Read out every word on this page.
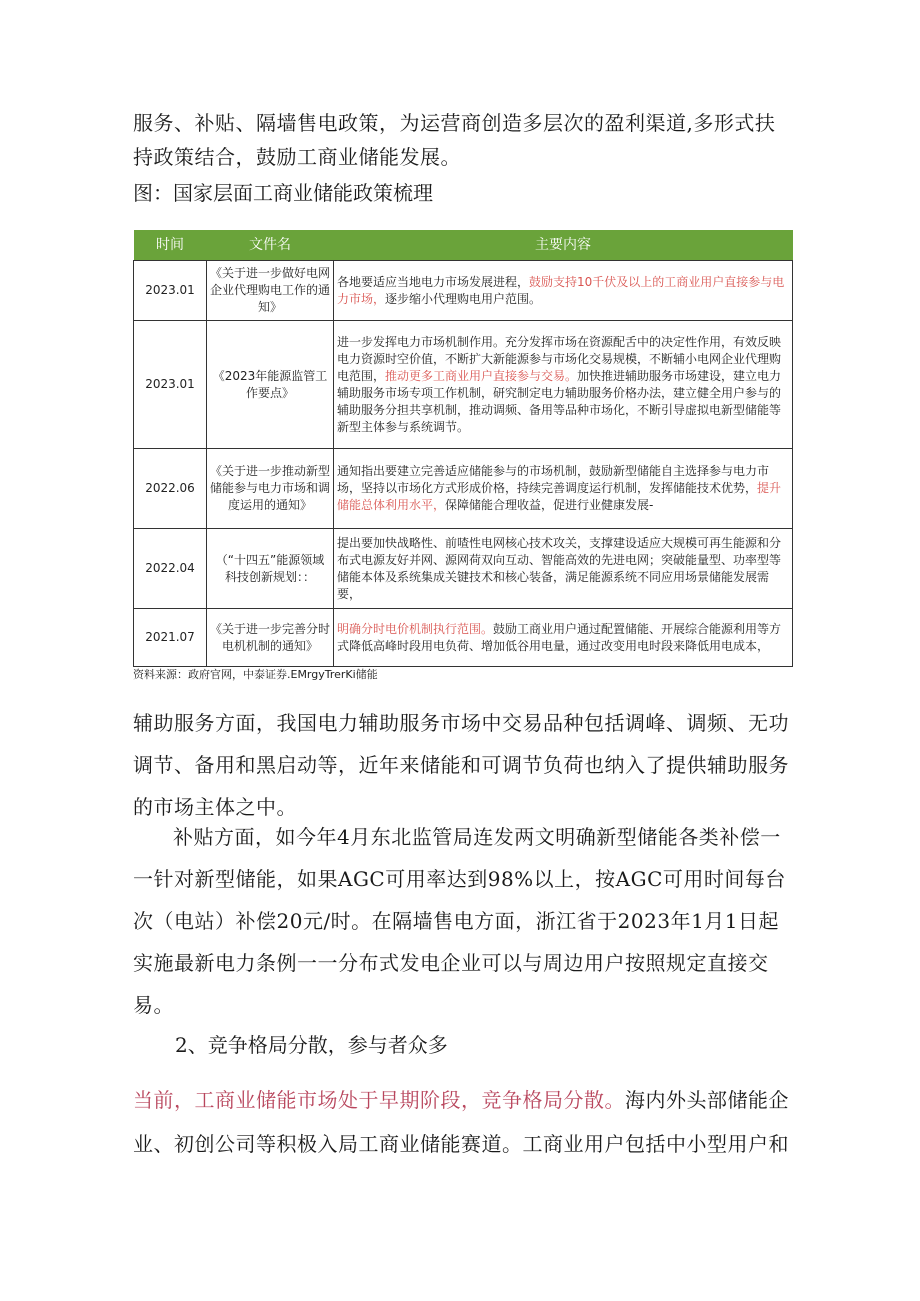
服务、补贴、隔墙售电政策，为运营商创造多层次的盈利渠道,多形式扶持政策结合，鼓励工商业储能发展。
图：国家层面工商业储能政策梳理
时间	文件名	主要内容
2023.01	《关于进一步做好电网企业代理购电工作的通知》	各地要适应当地电力市场发展进程，鼓励支持10千伏及以上的工商业用户直接参与电力市场，逐步缩小代理购电用户范围。
2023.01	《2023年能源监管工作要点》	进一步发挥电力市场机制作用。充分发挥市场在资源配舌中的决定性作用，有效反映电力资源时空价值，不断扩大新能源参与市场化交易规模，不断辅小电网企业代理购电范围，推动更多工商业用户直接参与交易。加快推进辅助服务市场建设，建立电力辅助服务市场专项工作机制，研究制定电力辅助服务价格办法，建立健全用户参与的辅助服务分担共享机制，推动调频、备用等品种市场化，不断引导虚拟电新型储能等新型主体参与系统调节。
2022.06	《关于进一步推动新型储能参与电力市场和调度运用的通知》	通知指出要建立完善适应储能参与的市场机制，鼓励新型储能自主选择参与电力市场，坚持以市场化方式形成价格，持续完善调度运行机制，发挥储能技术优势，提升储能总体利用水平，保障储能合理收益，促进行业健康发展-
2022.04	（“十四五”能源领域科技创新规划：：	提出要加快战略性、前喳性电网核心技术攻关，支撑建设适应大规模可再生能源和分布式电源友好并网、源网荷双向互动、智能高效的先进电网；突破能量型、功率型等储能本体及系统集成关键技术和核心装备，满足能源系统不同应用场景储能发展需要，
2021.07	《关于进一步完善分时电机机制的通知》	明确分时电价机制执行范围。鼓励工商业用户通过配置储能、开展综合能源利用等方式降低高峰时段用电负荷、增加低谷用电量，通过改变用电时段来降低用电成本，
资料来源：政府官网，中泰证券.EMrgyTrerKi储能
辅助服务方面，我国电力辅助服务市场中交易品种包括调峰、调频、无功调节、备用和黑启动等，近年来储能和可调节负荷也纳入了提供辅助服务的市场主体之中。
补贴方面，如今年4月东北监管局连发两文明确新型储能各类补偿一一针对新型储能，如果AGC可用率达到98%以上，按AGC可用时间每台次（电站）补偿20元/时。在隔墙售电方面，浙江省于2023年1月1日起实施最新电力条例一一分布式发电企业可以与周边用户按照规定直接交易。
2、竞争格局分散，参与者众多
当前，工商业储能市场处于早期阶段，竞争格局分散。海内外头部储能企业、初创公司等积极入局工商业储能赛道。工商业用户包括中小型用户和
